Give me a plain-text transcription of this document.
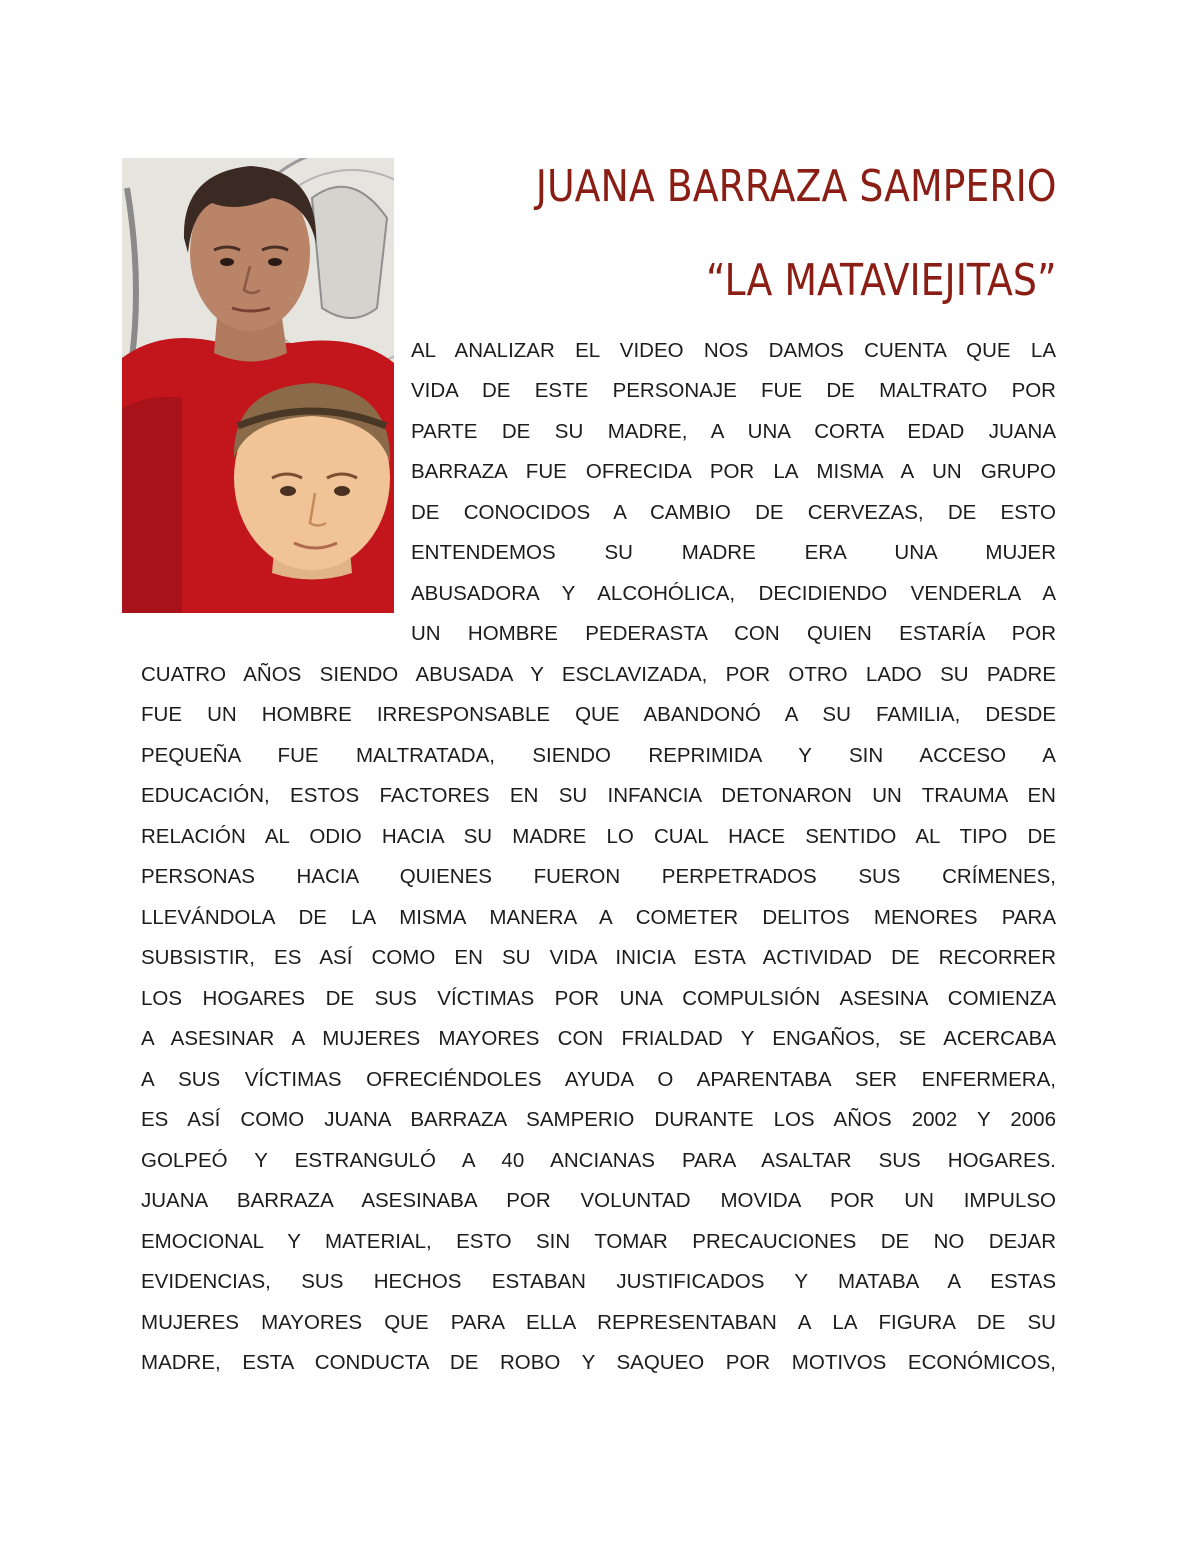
JUANA BARRAZA SAMPERIO
“LA MATAVIEJITAS”
AL ANALIZAR EL VIDEO NOS DAMOS CUENTA QUE LA
VIDA DE ESTE PERSONAJE FUE DE MALTRATO POR
PARTE DE SU MADRE, A UNA CORTA EDAD JUANA
BARRAZA FUE OFRECIDA POR LA MISMA A UN GRUPO
DE CONOCIDOS A CAMBIO DE CERVEZAS, DE ESTO
ENTENDEMOS SU MADRE ERA UNA MUJER
ABUSADORA Y ALCOHÓLICA, DECIDIENDO VENDERLA A
UN HOMBRE PEDERASTA CON QUIEN ESTARÍA POR
CUATRO AÑOS SIENDO ABUSADA Y ESCLAVIZADA, POR OTRO LADO SU PADRE
FUE UN HOMBRE IRRESPONSABLE QUE ABANDONÓ A SU FAMILIA, DESDE
PEQUEÑA FUE MALTRATADA, SIENDO REPRIMIDA Y SIN ACCESO A
EDUCACIÓN, ESTOS FACTORES EN SU INFANCIA DETONARON UN TRAUMA EN
RELACIÓN AL ODIO HACIA SU MADRE LO CUAL HACE SENTIDO AL TIPO DE
PERSONAS HACIA QUIENES FUERON PERPETRADOS SUS CRÍMENES,
LLEVÁNDOLA DE LA MISMA MANERA A COMETER DELITOS MENORES PARA
SUBSISTIR, ES ASÍ COMO EN SU VIDA INICIA ESTA ACTIVIDAD DE RECORRER
LOS HOGARES DE SUS VÍCTIMAS POR UNA COMPULSIÓN ASESINA COMIENZA
A ASESINAR A MUJERES MAYORES CON FRIALDAD Y ENGAÑOS, SE ACERCABA
A SUS VÍCTIMAS OFRECIÉNDOLES AYUDA O APARENTABA SER ENFERMERA,
ES ASÍ COMO JUANA BARRAZA SAMPERIO DURANTE LOS AÑOS 2002 Y 2006
GOLPEÓ Y ESTRANGULÓ A 40 ANCIANAS PARA ASALTAR SUS HOGARES.
JUANA BARRAZA ASESINABA POR VOLUNTAD MOVIDA POR UN IMPULSO
EMOCIONAL Y MATERIAL, ESTO SIN TOMAR PRECAUCIONES DE NO DEJAR
EVIDENCIAS, SUS HECHOS ESTABAN JUSTIFICADOS Y MATABA A ESTAS
MUJERES MAYORES QUE PARA ELLA REPRESENTABAN A LA FIGURA DE SU
MADRE, ESTA CONDUCTA DE ROBO Y SAQUEO POR MOTIVOS ECONÓMICOS,
